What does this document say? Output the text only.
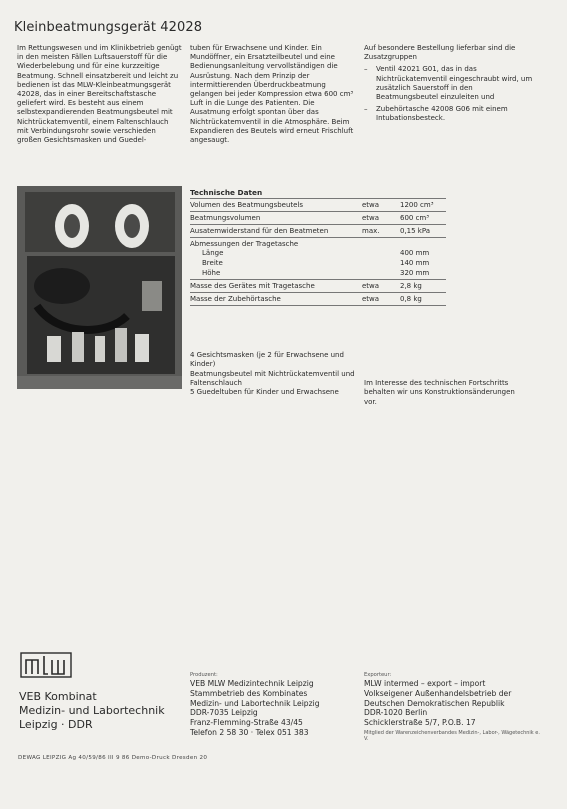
Kleinbeatmungsgerät 42028
Im Rettungswesen und im Klinikbetrieb genügt in den meisten Fällen Luftsauerstoff für die Wiederbelebung und für eine kurzzeitige Beatmung. Schnell einsatzbereit und leicht zu bedienen ist das MLW-Kleinbeatmungsgerät 42028, das in einer Bereitschaftstasche geliefert wird. Es besteht aus einem selbstexpandierenden Beatmungsbeutel mit Nichtrückatemventil, einem Faltenschlauch mit Verbindungsrohr sowie verschieden großen Gesichtsmasken und Guedel-
tuben für Erwachsene und Kinder. Ein Mundöffner, ein Ersatzteilbeutel und eine Bedienungsanleitung vervollständigen die Ausrüstung. Nach dem Prinzip der intermittierenden Überdruckbeatmung gelangen bei jeder Kompression etwa 600 cm³ Luft in die Lunge des Patienten. Die Ausatmung erfolgt spontan über das Nichtrückatemventil in die Atmosphäre. Beim Expandieren des Beutels wird erneut Frischluft angesaugt.
Auf besondere Bestellung lieferbar sind die Zusatzgruppen
–	Ventil 42021 G01, das in das Nichtrückatemventil eingeschraubt wird, um zusätzlich Sauerstoff in den Beatmungsbeutel einzuleiten und
–	Zubehörtasche 42008 G06 mit einem Intubationsbesteck.
Technische Daten
Volumen des Beatmungsbeutels	etwa	1200 cm³
Beatmungsvolumen	etwa	600 cm³
Ausatemwiderstand für den Beatmeten	max.	0,15 kPa
Abmessungen der Tragetasche
Länge	400 mm
Breite	140 mm
Höhe	320 mm
Masse des Gerätes mit Tragetasche	etwa	2,8 kg
Masse der Zubehörtasche	etwa	0,8 kg
4 Gesichtsmasken (je 2 für Erwachsene und Kinder)
Beatmungsbeutel mit Nichtrückatemventil und Faltenschlauch
5 Guedeltuben für Kinder und Erwachsene
Im Interesse des technischen Fortschritts behalten wir uns Konstruktionsänderungen vor.
VEB Kombinat
Medizin- und Labortechnik
Leipzig · DDR
Produzent:
VEB MLW Medizintechnik Leipzig
Stammbetrieb des Kombinates
Medizin- und Labortechnik Leipzig
DDR-7035 Leipzig
Franz-Flemming-Straße 43/45
Telefon 2 58 30 · Telex 051 383
Exporteur:
MLW intermed – export – import
Volkseigener Außenhandelsbetrieb der
Deutschen Demokratischen Republik
DDR-1020 Berlin
Schicklerstraße 5/7, P.O.B. 17
Mitglied der Warenzeichenverbandes Medizin-, Labor-, Wägetechnik e. V.
DEWAG LEIPZIG Ag 40/59/86 III 9 86 Demo-Druck Dresden 20
